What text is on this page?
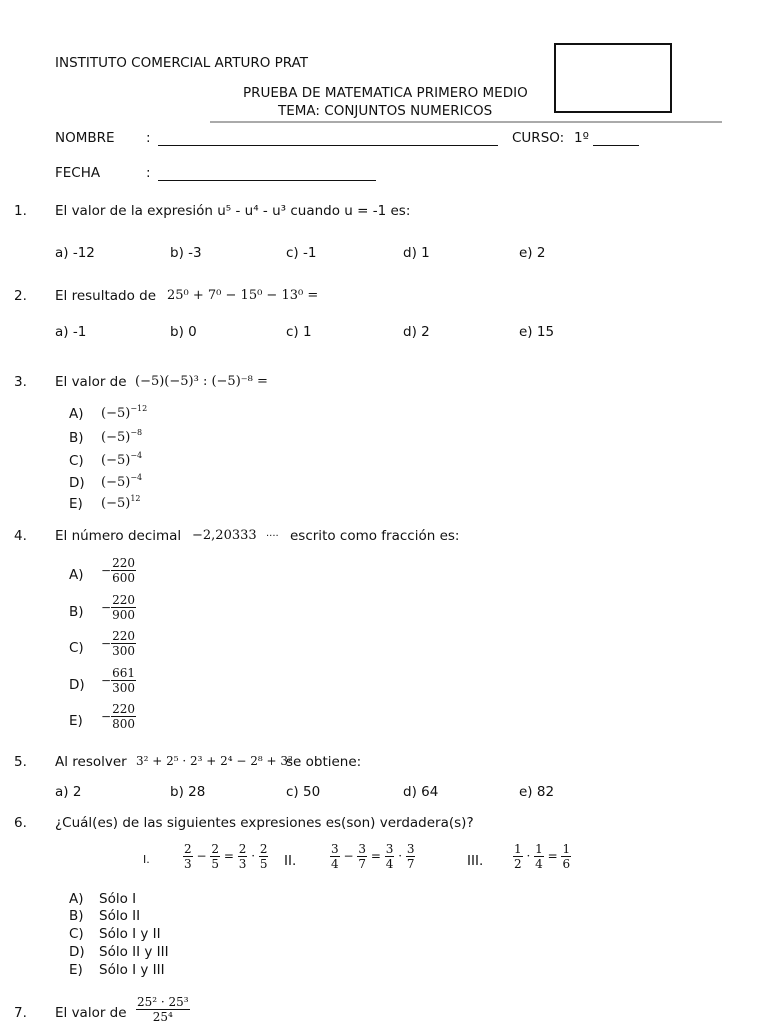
INSTITUTO COMERCIAL ARTURO PRAT
PRUEBA DE MATEMATICA PRIMERO MEDIO
TEMA: CONJUNTOS NUMERICOS
NOMBRE :	CURSO: 1º
FECHA	:
1. El valor de la expresión u⁵ - u⁴ - u³ cuando u = -1 es:
a) -12	b) -3	c) -1	d) 1	e) 2
2. El resultado de 25⁰ + 7⁰ − 15⁰ − 13⁰ =
a) -1	b) 0	c) 1	d) 2	e) 15
3. El valor de (−5)(−5)³ : (−5)⁻⁸ =
A) $(-5)^{-12}$
B) $(-5)^{-8}$
C) $(-5)^{-4}$
D) $(-5)^{-4}$
E) $(-5)^{12}$
4. El número decimal −2,20333 .... escrito como fracción es:
$A) - \frac{220}{600}$
$B) - \frac{220}{900}$
$C) - \frac{220}{300}$
$D) - \frac{661}{300}$
$E) - \frac{220}{800}$
5. Al resolver 3² + 2⁵ · 2³ + 2⁴ − 2⁸ + 3²
se obtiene:
a) 2	b) 28	c) 50	d) 64	e) 82
6. ¿Cuál(es) de las siguientes expresiones es(son) verdadera(s)?
I.	$\frac{2}{3} - \frac{2}{5} = \frac{2}{3} \cdot \frac{2}{5}$ II.	$\frac{3}{4} - \frac{3}{7} = \frac{3}{4} \cdot \frac{3}{7}$	III. $\frac{1}{2} \cdot \frac{1}{4} = \frac{1}{6}$
A) Sólo I
B) Sólo II
C) Sólo I y II
D) Sólo II y III
E) Sólo I y III
7. El valor de $\frac{\text{25² · 25³}}{\text{25⁴}}$
